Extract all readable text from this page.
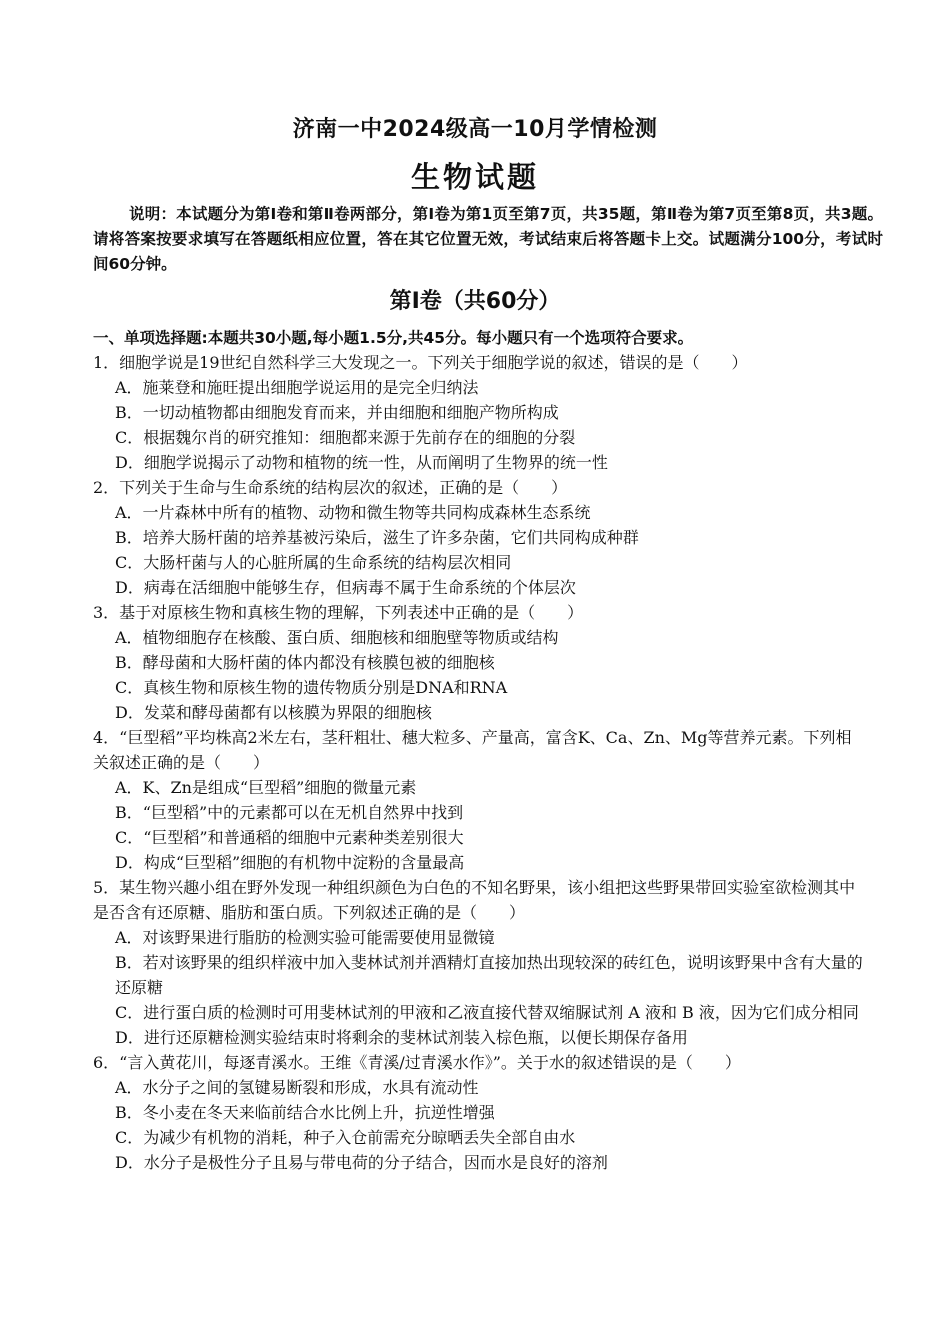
济南一中2024级高一10月学情检测
生物试题
说明：本试题分为第Ⅰ卷和第Ⅱ卷两部分，第Ⅰ卷为第1页至第7页，共35题，第Ⅱ卷为第7页至第8页，共3题。请将答案按要求填写在答题纸相应位置，答在其它位置无效，考试结束后将答题卡上交。试题满分100分，考试时间60分钟。
第Ⅰ卷（共60分）
一、单项选择题:本题共30小题,每小题1.5分,共45分。每小题只有一个选项符合要求。

1．细胞学说是19世纪自然科学三大发现之一。下列关于细胞学说的叙述，错误的是（　　）

A．施莱登和施旺提出细胞学说运用的是完全归纳法

B．一切动植物都由细胞发育而来，并由细胞和细胞产物所构成

C．根据魏尔肖的研究推知：细胞都来源于先前存在的细胞的分裂

D．细胞学说揭示了动物和植物的统一性，从而阐明了生物界的统一性

2．下列关于生命与生命系统的结构层次的叙述，正确的是（　　）

A．一片森林中所有的植物、动物和微生物等共同构成森林生态系统

B．培养大肠杆菌的培养基被污染后，滋生了许多杂菌，它们共同构成种群

C．大肠杆菌与人的心脏所属的生命系统的结构层次相同

D．病毒在活细胞中能够生存，但病毒不属于生命系统的个体层次

3．基于对原核生物和真核生物的理解，下列表述中正确的是（　　）

A．植物细胞存在核酸、蛋白质、细胞核和细胞壁等物质或结构

B．酵母菌和大肠杆菌的体内都没有核膜包被的细胞核

C．真核生物和原核生物的遗传物质分别是DNA和RNA

D．发菜和酵母菌都有以核膜为界限的细胞核

4．“巨型稻”平均株高2米左右，茎秆粗壮、穗大粒多、产量高，富含K、Ca、Zn、Mg等营养元素。下列相关叙述正确的是（　　）

A．K、Zn是组成“巨型稻”细胞的微量元素

B．“巨型稻”中的元素都可以在无机自然界中找到

C．“巨型稻”和普通稻的细胞中元素种类差别很大

D．构成“巨型稻”细胞的有机物中淀粉的含量最高

5．某生物兴趣小组在野外发现一种组织颜色为白色的不知名野果，该小组把这些野果带回实验室欲检测其中是否含有还原糖、脂肪和蛋白质。下列叙述正确的是（　　）

A．对该野果进行脂肪的检测实验可能需要使用显微镜

B．若对该野果的组织样液中加入斐林试剂并酒精灯直接加热出现较深的砖红色，说明该野果中含有大量的还原糖

C．进行蛋白质的检测时可用斐林试剂的甲液和乙液直接代替双缩脲试剂 A 液和 B 液，因为它们成分相同

D．进行还原糖检测实验结束时将剩余的斐林试剂装入棕色瓶，以便长期保存备用

6．“言入黄花川，每逐青溪水。王维《青溪/过青溪水作》”。关于水的叙述错误的是（　　）

A．水分子之间的氢键易断裂和形成，水具有流动性

B．冬小麦在冬天来临前结合水比例上升，抗逆性增强

C．为减少有机物的消耗，种子入仓前需充分晾晒丢失全部自由水

D．水分子是极性分子且易与带电荷的分子结合，因而水是良好的溶剂
